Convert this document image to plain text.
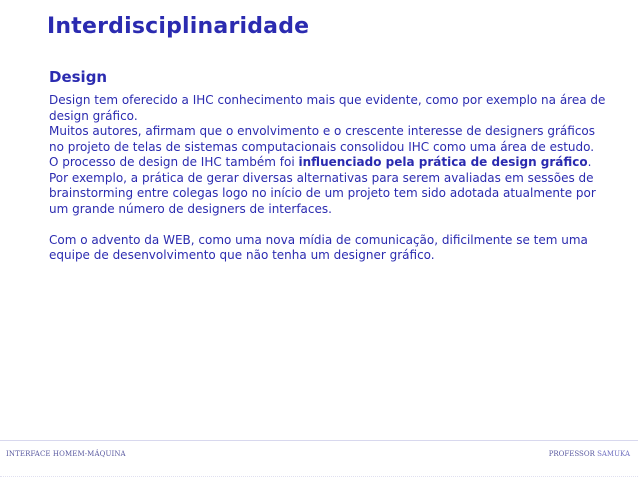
Interdisciplinaridade
Design

Design tem oferecido a IHC conhecimento mais que evidente, como por exemplo na área de design gráfico.

Muitos autores, afirmam que o envolvimento e o crescente interesse de designers gráficos no projeto de telas de sistemas computacionais consolidou IHC como uma área de estudo.

O processo de design de IHC também foi influenciado pela prática de design gráfico. Por exemplo, a prática de gerar diversas alternativas para serem avaliadas em sessões de brainstorming entre colegas logo no início de um projeto tem sido adotada atualmente por um grande número de designers de interfaces.

Com o advento da WEB, como uma nova mídia de comunicação, dificilmente se tem uma equipe de desenvolvimento que não tenha um designer gráfico.

INTERFACE HOMEM-MÁQUINA	PROFESSOR SAMUKA
